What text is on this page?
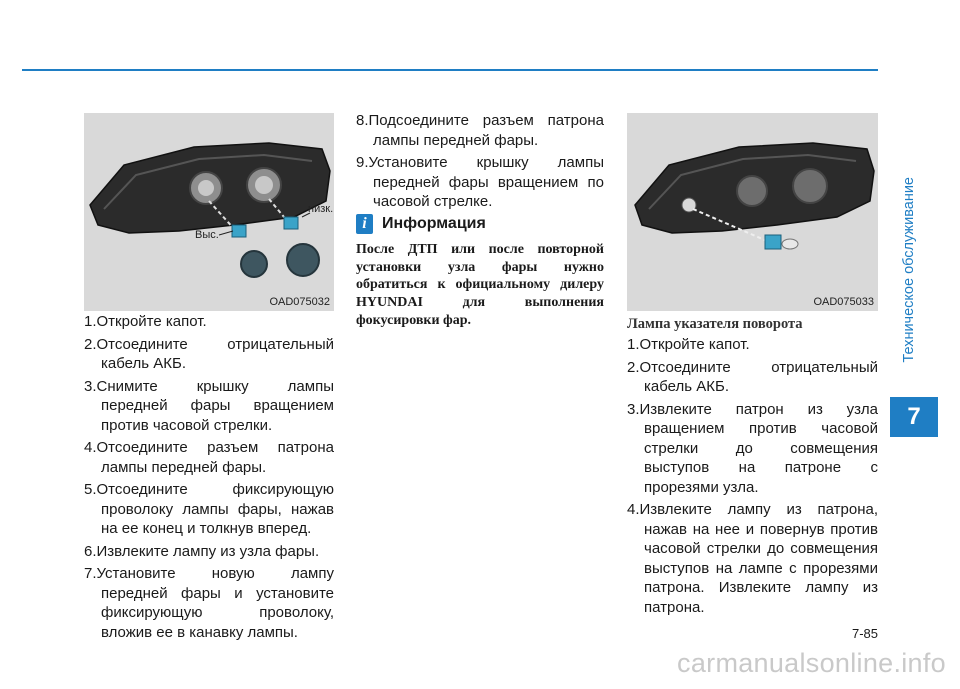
Техническое обслуживание
7
Выс.
низк.
OAD075032
1.Откройте капот.
2.Отсоедините отрицательный кабель АКБ.
3.Снимите крышку лампы передней фары вращением против часовой стрелки.
4.Отсоедините разъем патрона лампы передней фары.
5.Отсоедините фиксирующую проволоку лампы фары, нажав на ее конец и толкнув вперед.
6.Извлеките лампу из узла фары.
7.Установите новую лампу передней фары и установите фиксирующую проволоку, вложив ее в канавку лампы.
8.Подсоедините разъем патрона лампы передней фары.
9.Установите крышку лампы передней фары вращением по часовой стрелке.
i Информация
После ДТП или после повторной
установки узла фары нужно
обратиться к официальному дилеру
HYUNDAI для выполнения
фокусировки фар.
OAD075033
Лампа указателя поворота
1.Откройте капот.
2.Отсоедините отрицательный кабель АКБ.
3.Извлеките патрон из узла вращением против часовой стрелки до совмещения выступов на патроне с прорезями узла.
4.Извлеките лампу из патрона, нажав на нее и повернув против часовой стрелки до совмещения выступов на лампе с прорезями патрона. Извлеките лампу из патрона.
7-85
carmanualsonline.info
